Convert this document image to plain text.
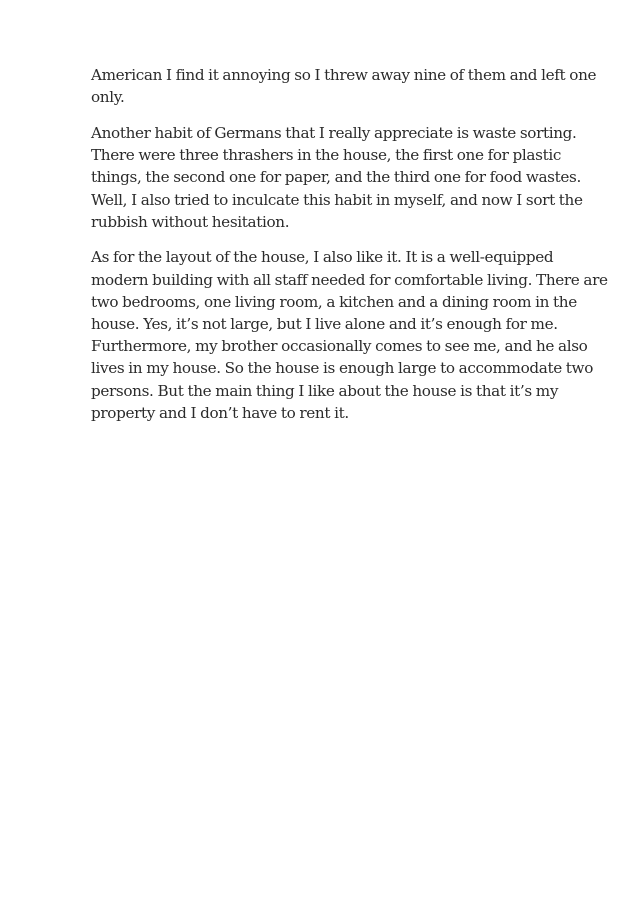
American I find it annoying so I threw away nine of them and left one
only.

Another habit of Germans that I really appreciate is waste sorting.
There were three thrashers in the house, the first one for plastic
things, the second one for paper, and the third one for food wastes.
Well, I also tried to inculcate this habit in myself, and now I sort the
rubbish without hesitation.

As for the layout of the house, I also like it. It is a well-equipped
modern building with all staff needed for comfortable living. There are
two bedrooms, one living room, a kitchen and a dining room in the
house. Yes, it’s not large, but I live alone and it’s enough for me.
Furthermore, my brother occasionally comes to see me, and he also
lives in my house. So the house is enough large to accommodate two
persons. But the main thing I like about the house is that it’s my
property and I don’t have to rent it.
